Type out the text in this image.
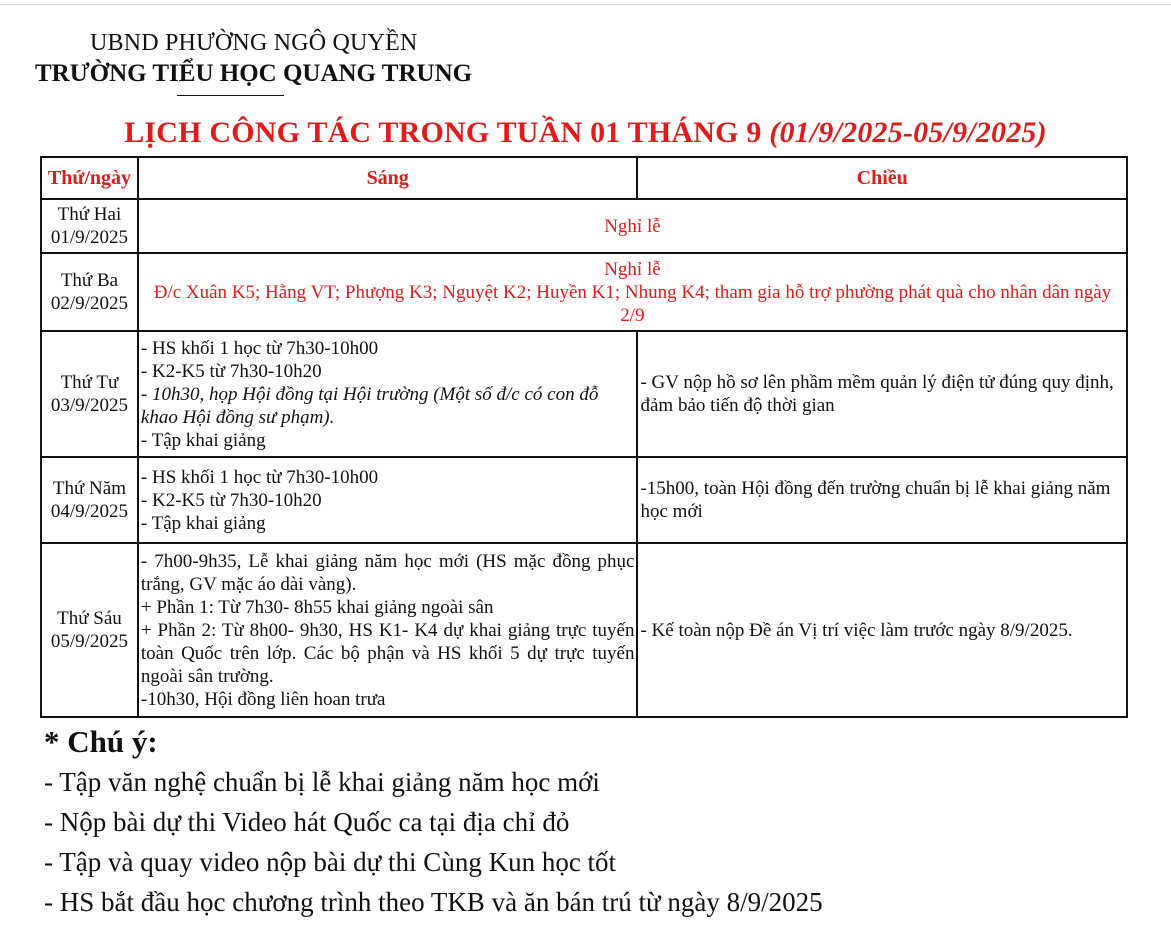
UBND PHƯỜNG NGÔ QUYỀN
TRƯỜNG TIỂU HỌC QUANG TRUNG
LỊCH CÔNG TÁC TRONG TUẦN 01 THÁNG 9 (01/9/2025-05/9/2025)
Thứ/ngày	Sáng	Chiều

Thứ Hai
01/9/2025	Nghỉ lễ	

Thứ Ba
02/9/2025	Nghỉ lễ
Đ/c Xuân K5; Hằng VT; Phượng K3; Nguyệt K2; Huyền K1; Nhung K4; tham gia hỗ trợ phường phát quà cho nhân dân ngày 2/9	

Thứ Tư
03/9/2025	- HS khối 1 học từ 7h30-10h00
- K2-K5 từ 7h30-10h20
- 10h30, họp Hội đồng tại Hội trường (Một số đ/c có con đỗ khao Hội đồng sư phạm).
- Tập khai giảng	- GV nộp hồ sơ lên phầm mềm quản lý điện tử đúng quy định, đảm bảo tiến độ thời gian

Thứ Năm
04/9/2025	- HS khối 1 học từ 7h30-10h00
- K2-K5 từ 7h30-10h20
- Tập khai giảng	-15h00, toàn Hội đồng đến trường chuẩn bị lễ khai giảng năm học mới

Thứ Sáu
05/9/2025	- 7h00-9h35, Lễ khai giảng năm học mới (HS mặc đồng phục trắng, GV mặc áo dài vàng).
+ Phần 1: Từ 7h30- 8h55 khai giảng ngoài sân
+ Phần 2: Từ 8h00- 9h30, HS K1- K4 dự khai giảng trực tuyến toàn Quốc trên lớp. Các bộ phận và HS khối 5 dự trực tuyến ngoài sân trường.
-10h30, Hội đồng liên hoan trưa	- Kế toàn nộp Đề án Vị trí việc làm trước ngày 8/9/2025.
* Chú ý:
- Tập văn nghệ chuẩn bị lễ khai giảng năm học mới
- Nộp bài dự thi Video hát Quốc ca tại địa chỉ đỏ
- Tập và quay video nộp bài dự thi Cùng Kun học tốt
- HS bắt đầu học chương trình theo TKB và ăn bán trú từ ngày 8/9/2025
